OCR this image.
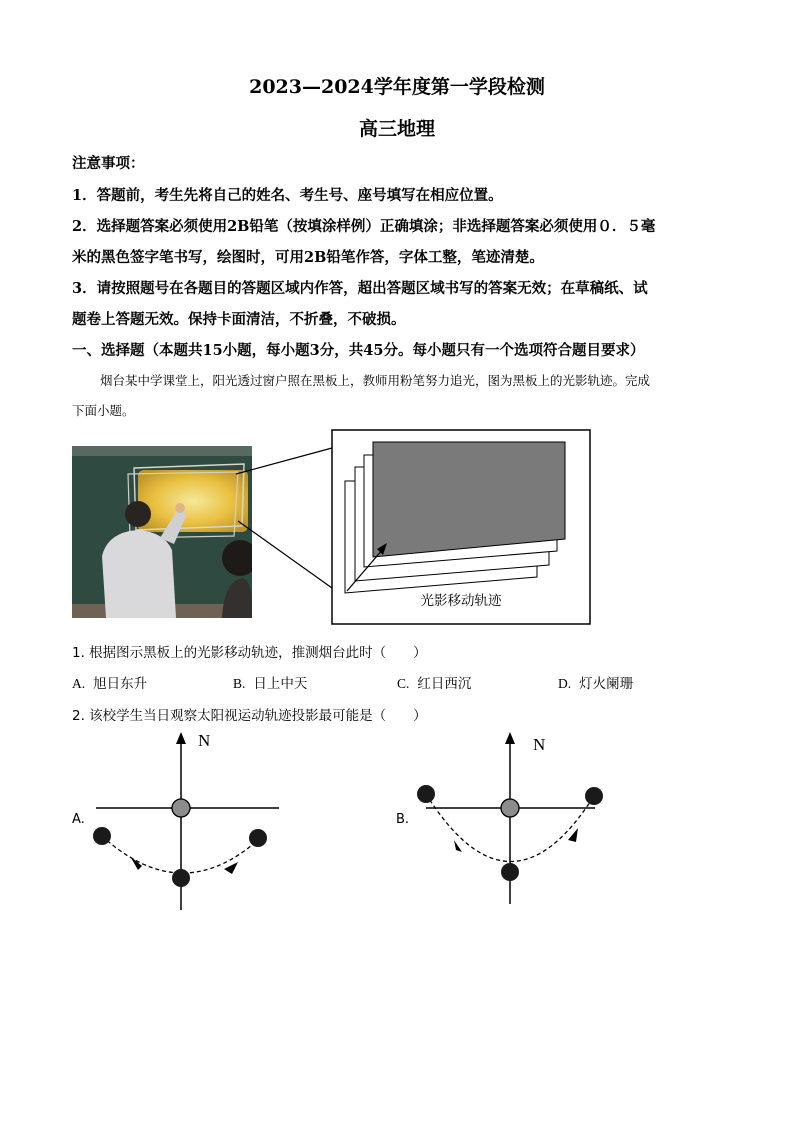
2023—2024学年度第一学段检测
高三地理
注意事项：
1．答题前，考生先将自己的姓名、考生号、座号填写在相应位置。
2．选择题答案必须使用2B铅笔（按填涂样例）正确填涂；非选择题答案必须使用０．５毫
米的黑色签字笔书写，绘图时，可用2B铅笔作答，字体工整，笔迹清楚。
3．请按照题号在各题目的答题区域内作答，超出答题区域书写的答案无效；在草稿纸、试
题卷上答题无效。保持卡面清洁，不折叠，不破损。
一、选择题（本题共15小题，每小题3分，共45分。每小题只有一个选项符合题目要求）
烟台某中学课堂上，阳光透过窗户照在黑板上，教师用粉笔努力追光，图为黑板上的光影轨迹。完成
下面小题。
光影移动轨迹
1. 根据图示黑板上的光影移动轨迹，推测烟台此时（　　）
A. 旭日东升	B. 日上中天	C. 红日西沉	D. 灯火阑珊
2. 该校学生当日观察太阳视运动轨迹投影最可能是（　　）
A.
N
B.
N
